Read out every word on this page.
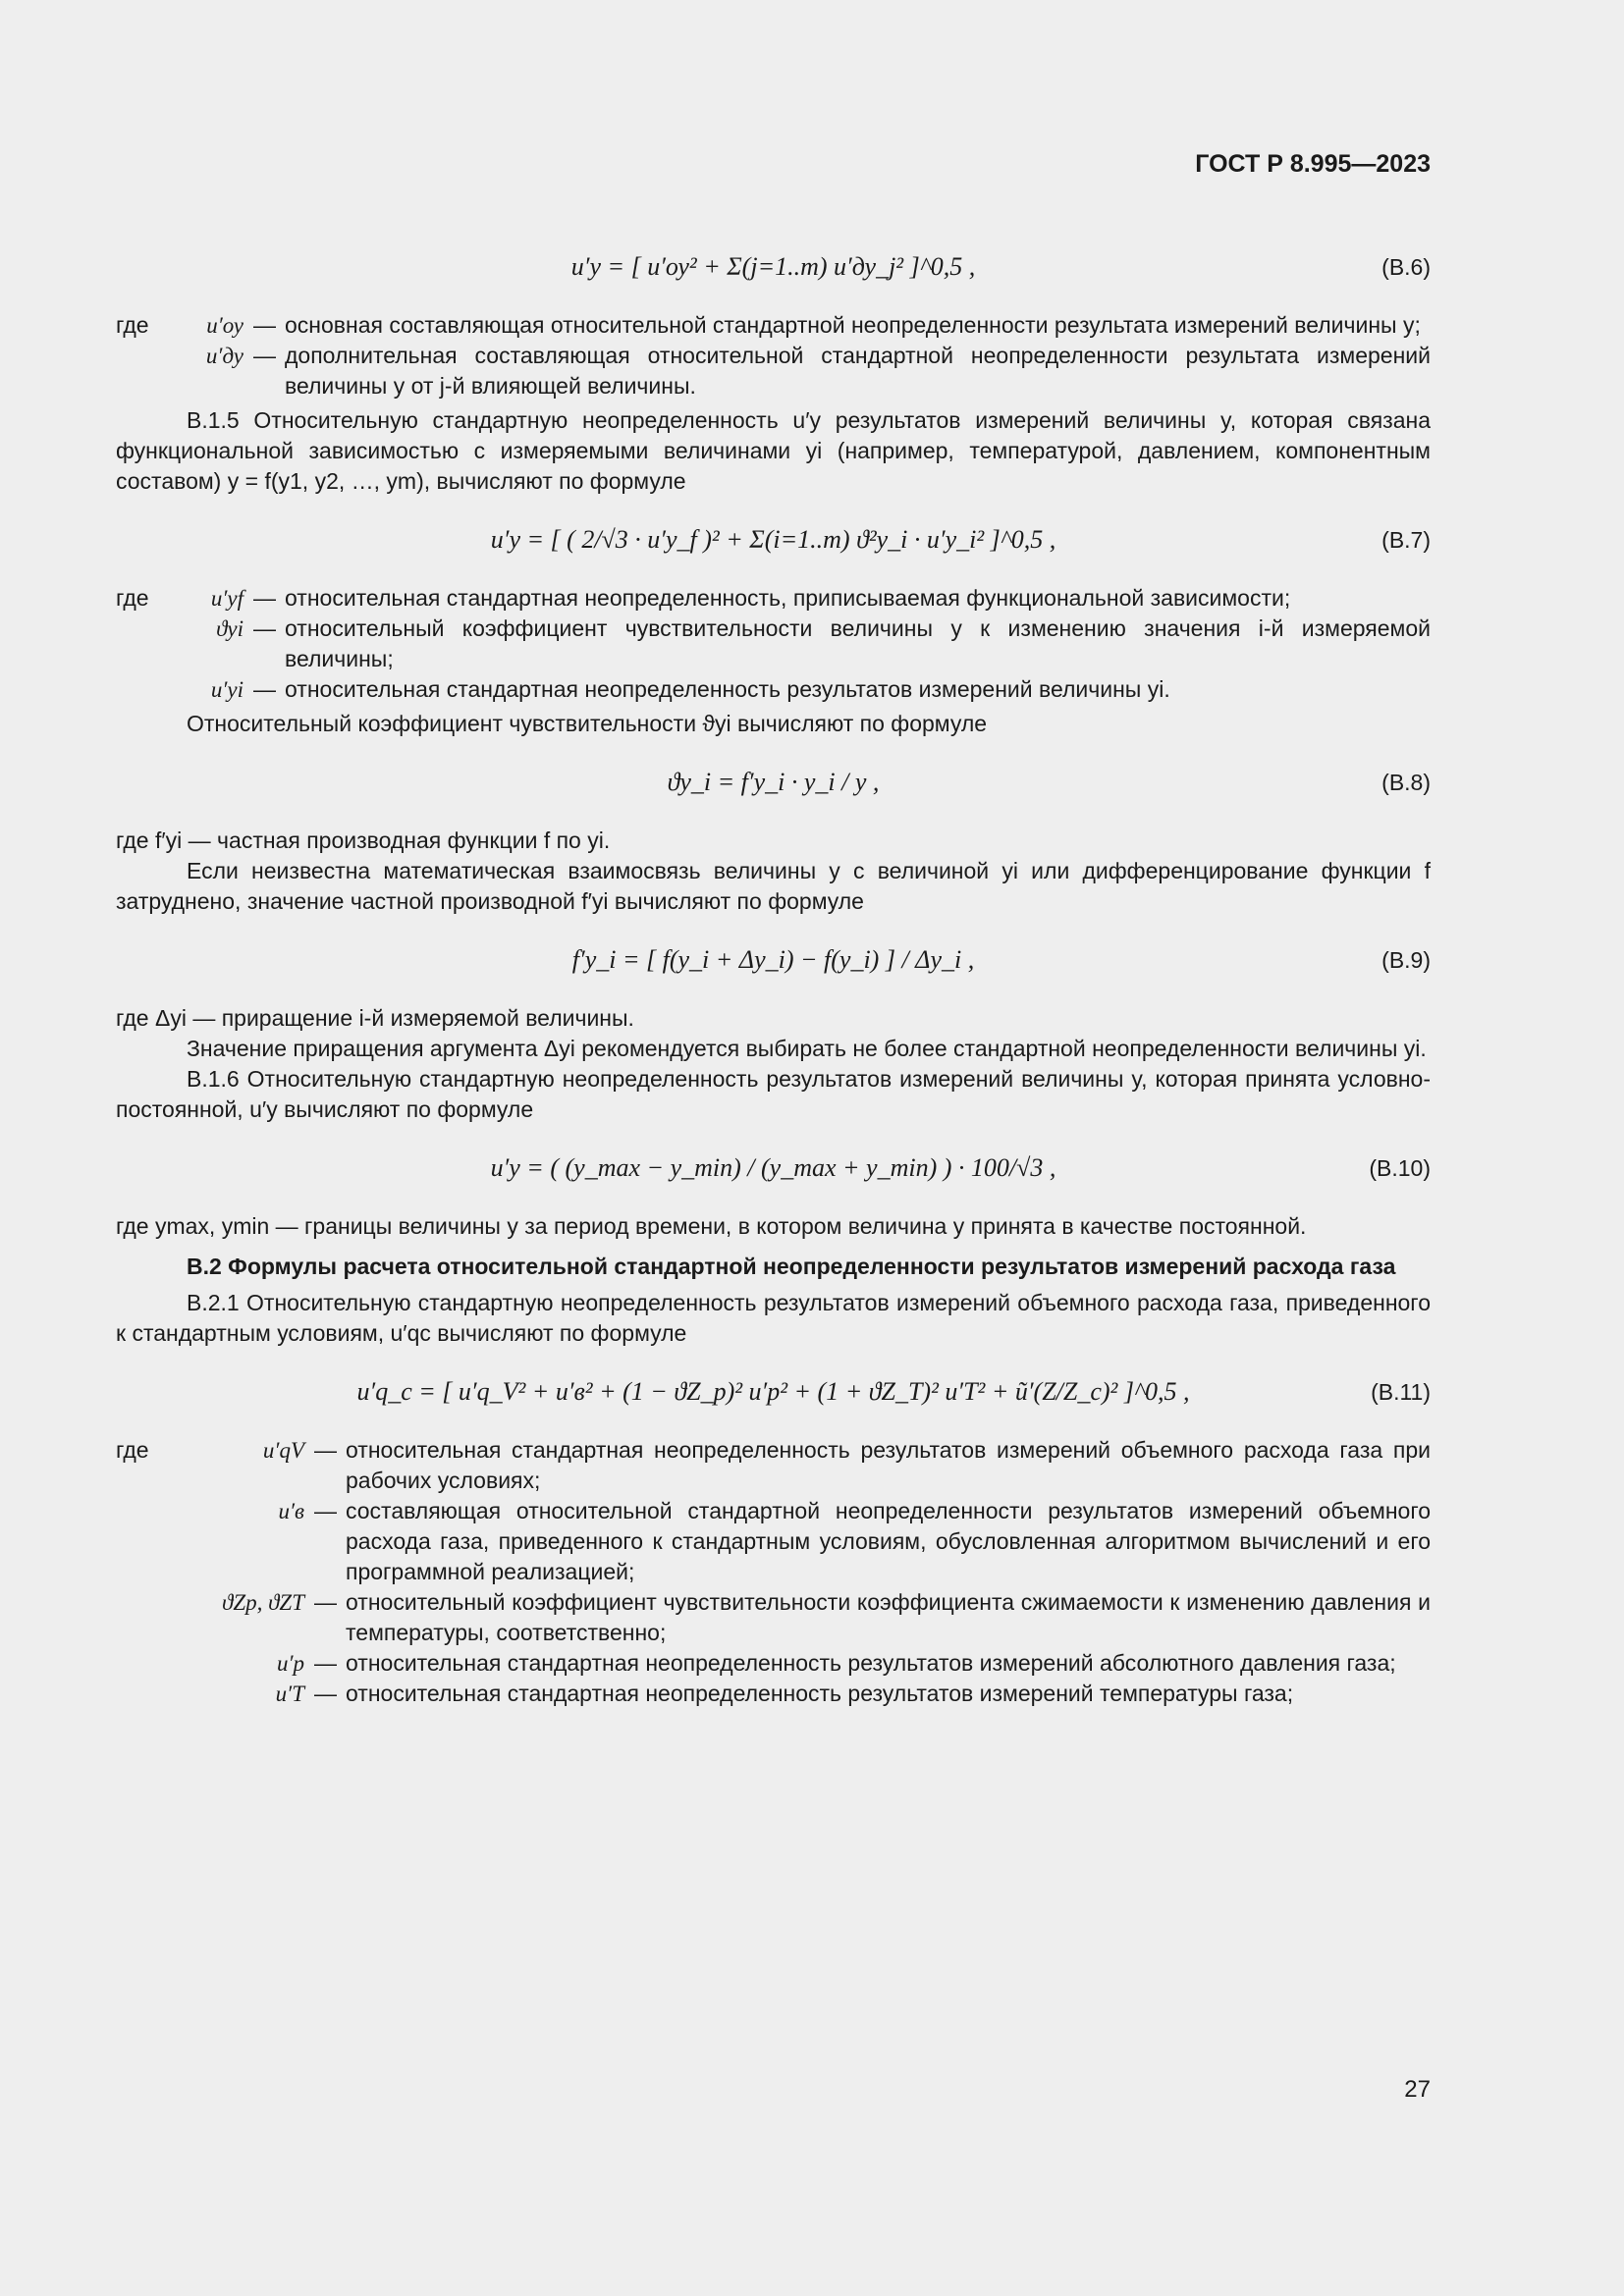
ГОСТ Р 8.995—2023
u′y = [ u′оу² + Σ(j=1..m) u′ду_j² ]^0,5 ,	(B.6)
где	u′оу — основная составляющая относительной стандартной неопределенности результата измерений величины y;
u′ду — дополнительная составляющая относительной стандартной неопределенности результата измерений величины y от j-й влияющей величины.

В.1.5 Относительную стандартную неопределенность u′y результатов измерений величины y, которая связана функциональной зависимостью с измеряемыми величинами yi (например, температурой, давлением, компонентным составом) y = f(y1, y2, …, ym), вычисляют по формуле

u′y = [ ( 2/√3 · u′y_f )² + Σ(i=1..m) ϑ²y_i · u′y_i² ]^0,5 ,	(B.7)
где	u′yf — относительная стандартная неопределенность, приписываемая функциональной зависимости;
ϑyi — относительный коэффициент чувствительности величины y к изменению значения i-й измеряемой величины;
u′yi — относительная стандартная неопределенность результатов измерений величины yi.

Относительный коэффициент чувствительности ϑyi вычисляют по формуле

ϑy_i = f′y_i · y_i / y ,	(B.8)

где f′yi — частная производная функции f по yi.

Если неизвестна математическая взаимосвязь величины y с величиной yi или дифференцирование функции f затруднено, значение частной производной f′yi вычисляют по формуле

f′y_i = [ f(y_i + Δy_i) − f(y_i) ] / Δy_i ,	(B.9)

где Δyi — приращение i-й измеряемой величины.

Значение приращения аргумента Δyi рекомендуется выбирать не более стандартной неопределенности величины yi.

В.1.6 Относительную стандартную неопределенность результатов измерений величины y, которая принята условно-постоянной, u′y вычисляют по формуле

u′y = ( (y_max − y_min) / (y_max + y_min) ) · 100/√3 ,	(B.10)

где ymax, ymin — границы величины y за период времени, в котором величина y принята в качестве постоянной.

В.2 Формулы расчета относительной стандартной неопределенности результатов измерений расхода газа

В.2.1 Относительную стандартную неопределенность результатов измерений объемного расхода газа, приведенного к стандартным условиям, u′qc вычисляют по формуле

u′q_c = [ u′q_V² + u′в² + (1 − ϑZ_p)² u′p² + (1 + ϑZ_T)² u′T² + ũ′(Z/Z_c)² ]^0,5 ,	(B.11)
где	u′qV — относительная стандартная неопределенность результатов измерений объемного расхода газа при рабочих условиях;
u′в — составляющая относительной стандартной неопределенности результатов измерений объемного расхода газа, приведенного к стандартным условиям, обусловленная алгоритмом вычислений и его программной реализацией;
ϑZp, ϑZT — относительный коэффициент чувствительности коэффициента сжимаемости к изменению давления и температуры, соответственно;
u′p — относительная стандартная неопределенность результатов измерений абсолютного давления газа;
u′T — относительная стандартная неопределенность результатов измерений температуры газа;
27
